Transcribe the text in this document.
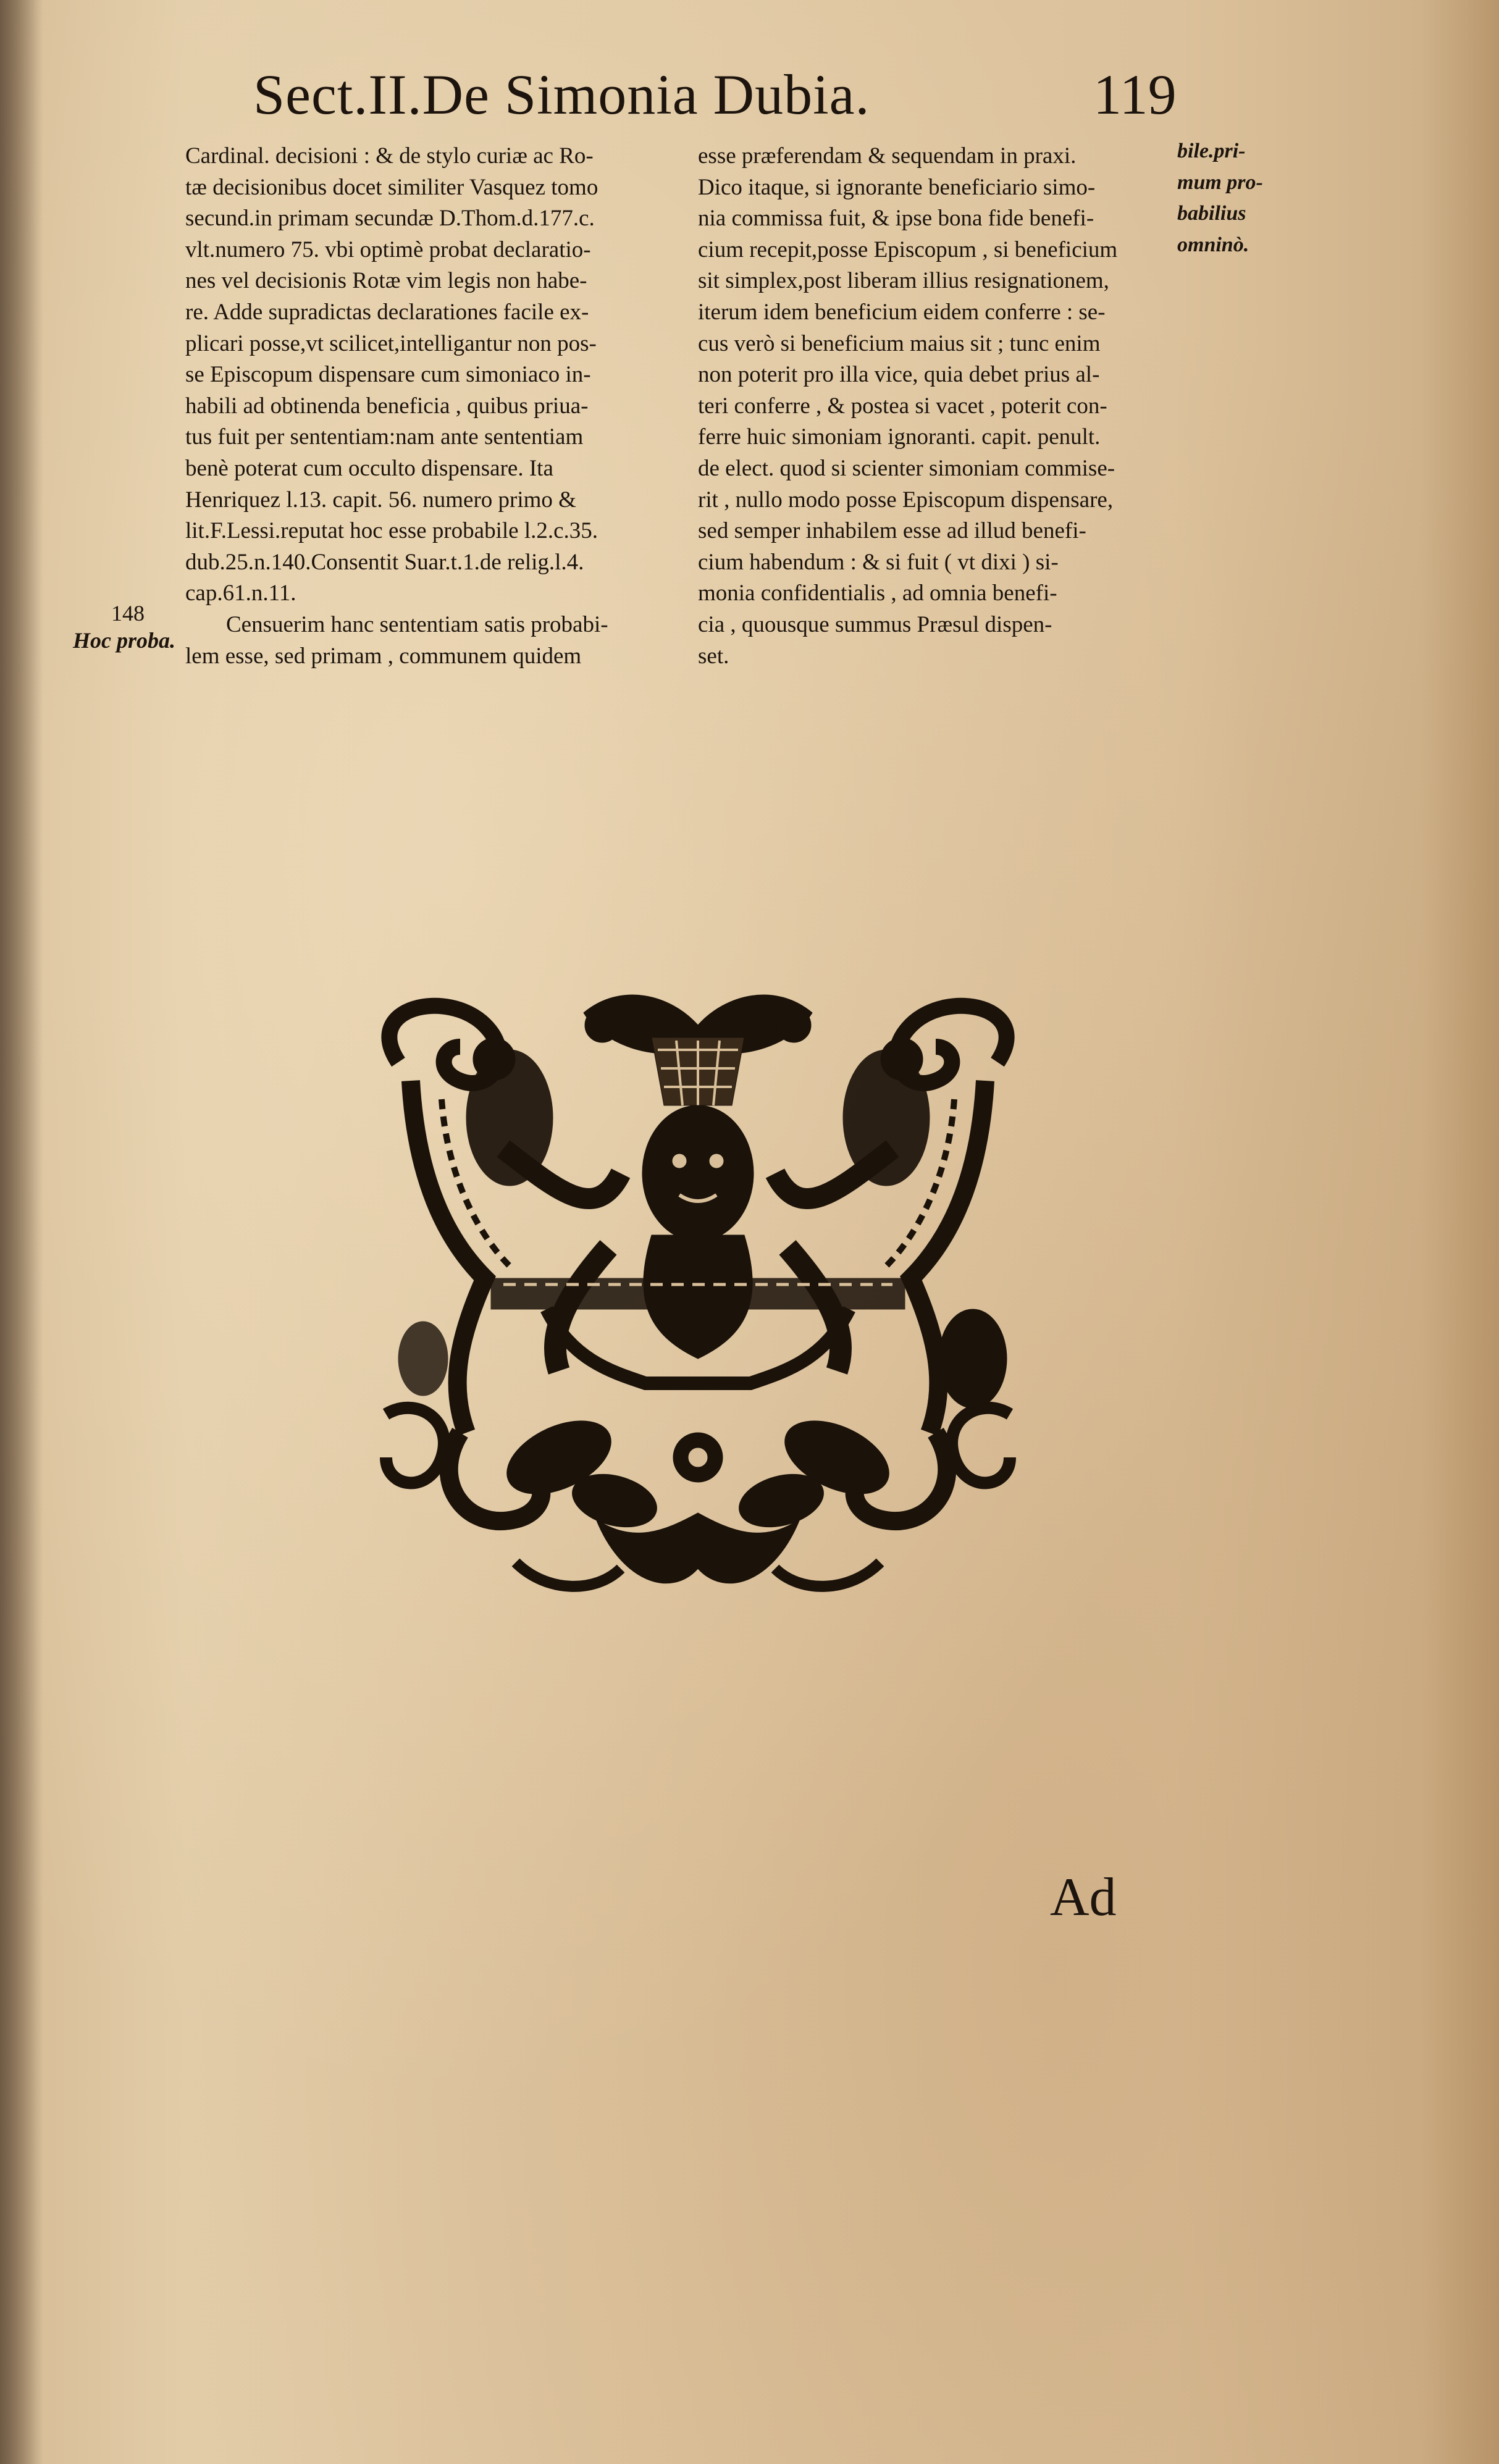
Sect.II.De Simonia Dubia.	119
Cardinal. decisioni : & de stylo curiæ ac Ro-
tæ decisionibus docet similiter Vasquez tomo
secund.in primam secundæ D.Thom.d.177.c.
vlt.numero 75. vbi optimè probat declaratio-
nes vel decisionis Rotæ vim legis non habe-
re. Adde supradictas declarationes facile ex-
plicari posse,vt scilicet,intelligantur non pos-
se Episcopum dispensare cum simoniaco in-
habili ad obtinenda beneficia , quibus priua-
tus fuit per sententiam:nam ante sententiam
benè poterat cum occulto dispensare. Ita
Henriquez l.13. capit. 56. numero primo &
lit.F.Lessi.reputat hoc esse probabile l.2.c.35.
dub.25.n.140.Consentit Suar.t.1.de relig.l.4.
cap.61.n.11.
Censuerim hanc sententiam satis probabi-
lem esse, sed primam , communem quidem
esse præferendam & sequendam in praxi.
Dico itaque, si ignorante beneficiario simo-
nia commissa fuit, & ipse bona fide benefi-
cium recepit,posse Episcopum , si beneficium
sit simplex,post liberam illius resignationem,
iterum idem beneficium eidem conferre : se-
cus verò si beneficium maius sit ; tunc enim
non poterit pro illa vice, quia debet prius al-
teri conferre , & postea si vacet , poterit con-
ferre huic simoniam ignoranti. capit. penult.
de elect. quod si scienter simoniam commise-
rit , nullo modo posse Episcopum dispensare,
sed semper inhabilem esse ad illud benefi-
cium habendum : & si fuit ( vt dixi ) si-
monia confidentialis , ad omnia benefi-
cia , quousque summus Præsul dispen-
set.
148
Hoc proba.
bile.pri-
mum pro-
babilius
omninò.
Ad
